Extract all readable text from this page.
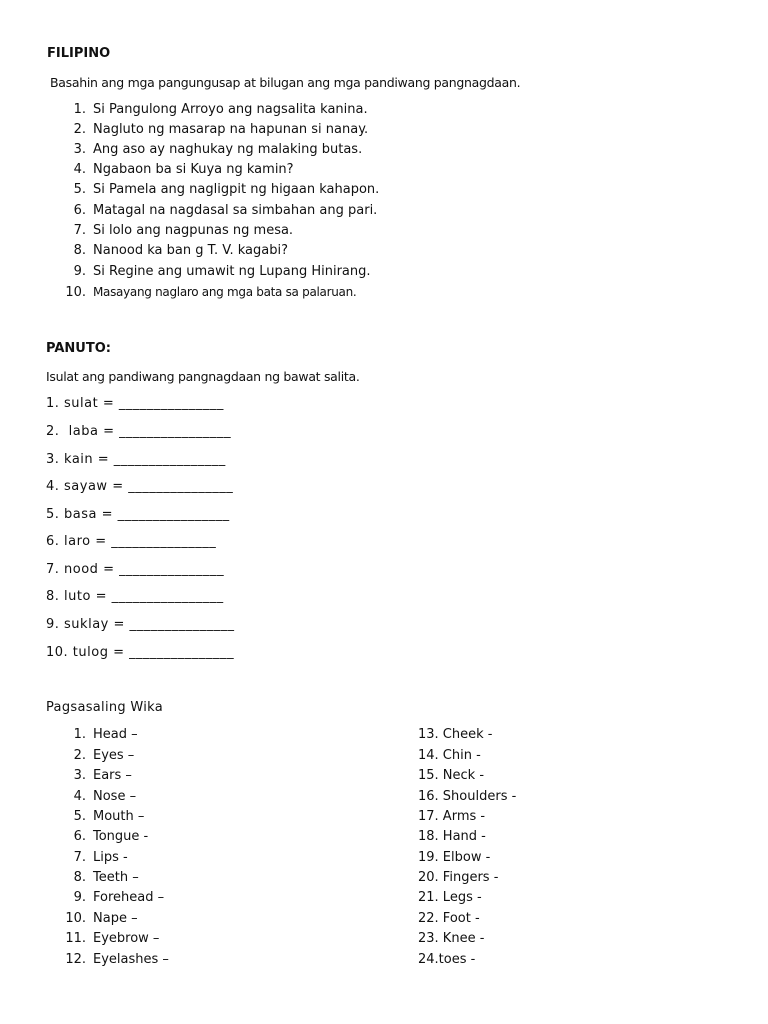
FILIPINO
Basahin ang mga pangungusap at bilugan ang mga pandiwang pangnagdaan.
1. Si Pangulong Arroyo ang nagsalita kanina.
2. Nagluto ng masarap na hapunan si nanay.
3. Ang aso ay naghukay ng malaking butas.
4. Ngabaon ba si Kuya ng kamin?
5. Si Pamela ang nagligpit ng higaan kahapon.
6. Matagal na nagdasal sa simbahan ang pari.
7. Si lolo ang nagpunas ng mesa.
8. Nanood ka ban g T. V. kagabi?
9. Si Regine ang umawit ng Lupang Hinirang.
10. Masayang naglaro ang mga bata sa palaruan.
PANUTO:
Isulat ang pandiwang pangnagdaan ng bawat salita.
1. sulat = _______________
2.  laba = ________________
3. kain = ________________
4. sayaw = _______________
5. basa = ________________
6. laro = _______________
7. nood = _______________
8. luto = ________________
9. suklay = _______________
10. tulog = _______________
Pagsasaling Wika
1. Head –
2. Eyes –
3. Ears –
4. Nose –
5. Mouth –
6. Tongue -
7. Lips -
8. Teeth –
9. Forehead –
10. Nape –
11. Eyebrow –
12. Eyelashes –
13. Cheek -
14. Chin -
15. Neck -
16. Shoulders -
17. Arms -
18. Hand -
19. Elbow -
20. Fingers -
21. Legs -
22. Foot -
23. Knee -
24.toes -
